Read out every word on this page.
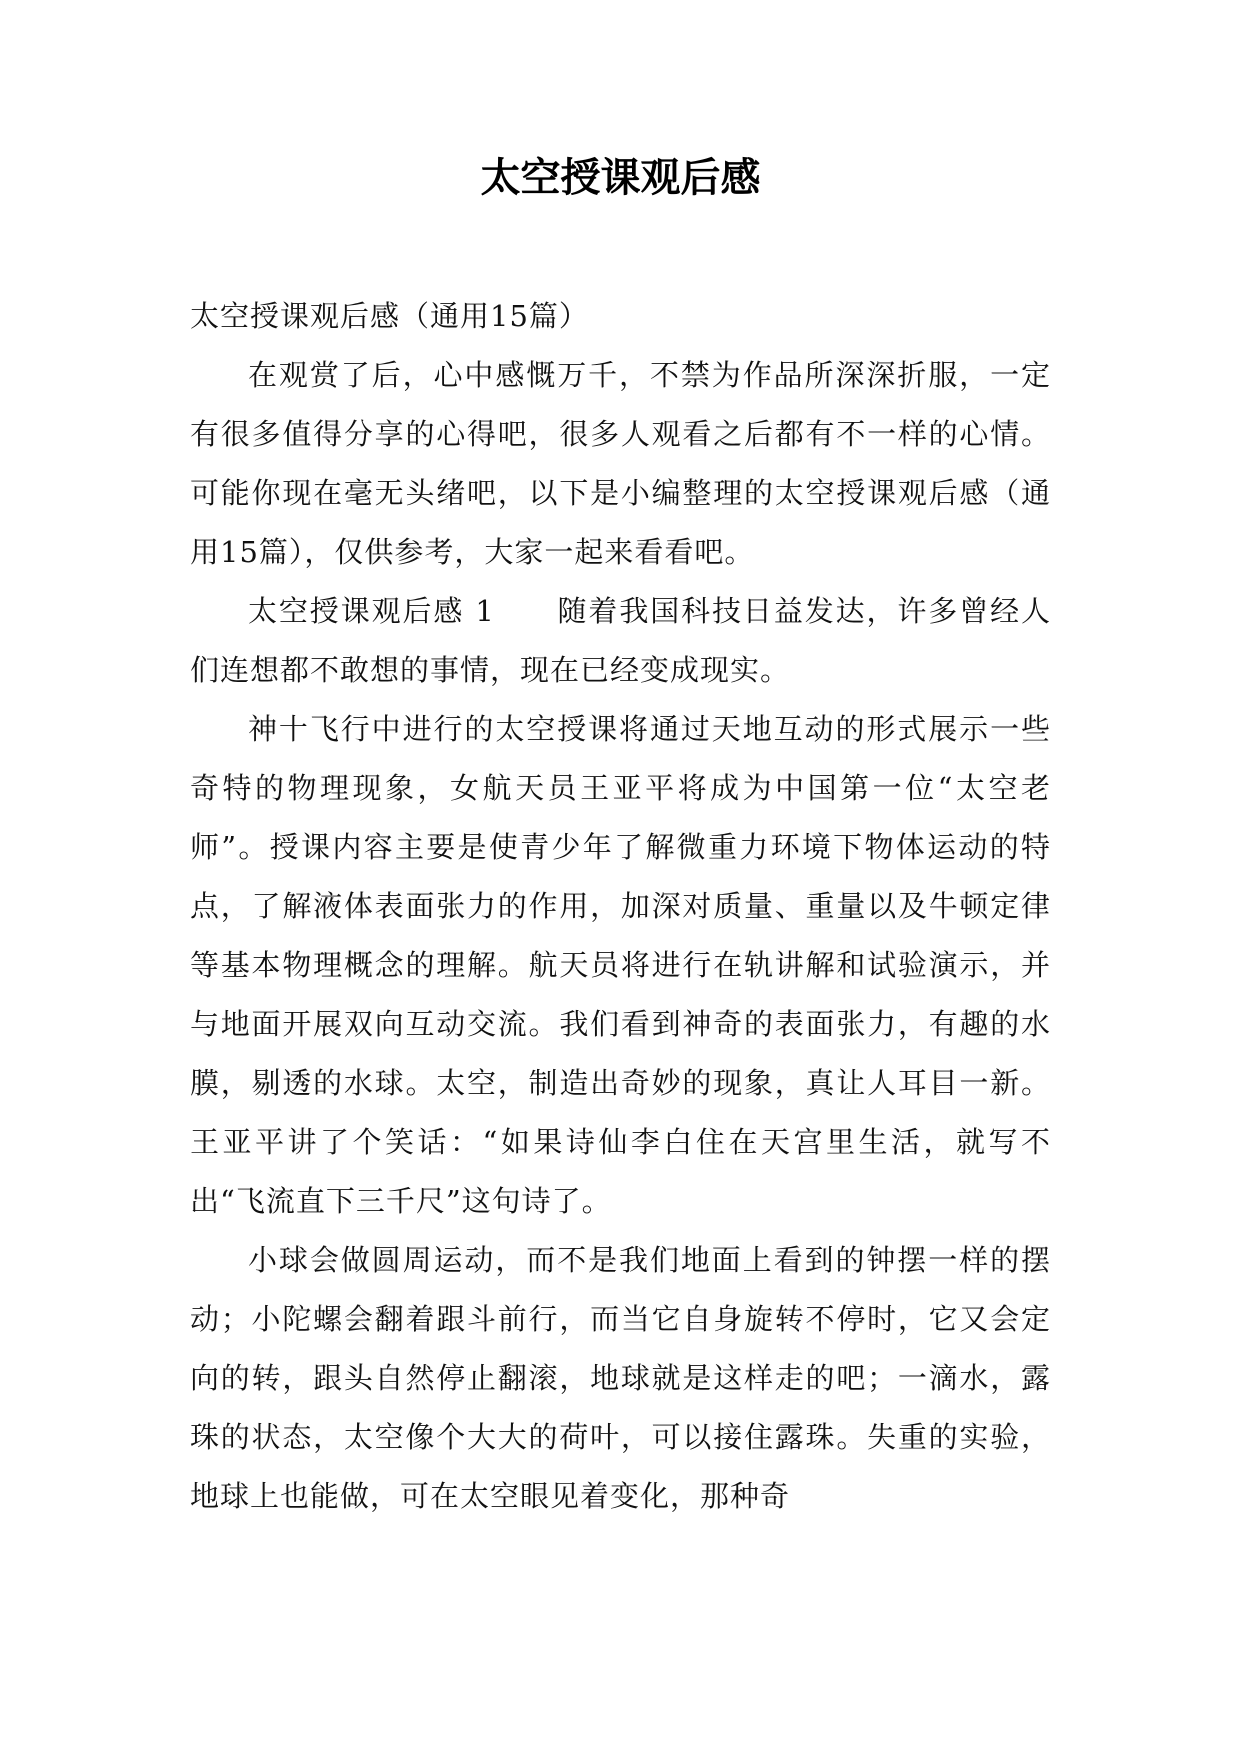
太空授课观后感

太空授课观后感（通用15篇）

在观赏了后，心中感慨万千，不禁为作品所深深折服，一定有很多值得分享的心得吧，很多人观看之后都有不一样的心情。可能你现在毫无头绪吧，以下是小编整理的太空授课观后感（通用15篇），仅供参考，大家一起来看看吧。

太空授课观后感 1　　随着我国科技日益发达，许多曾经人们连想都不敢想的事情，现在已经变成现实。

神十飞行中进行的太空授课将通过天地互动的形式展示一些奇特的物理现象，女航天员王亚平将成为中国第一位“太空老师”。授课内容主要是使青少年了解微重力环境下物体运动的特点，了解液体表面张力的作用，加深对质量、重量以及牛顿定律等基本物理概念的理解。航天员将进行在轨讲解和试验演示，并与地面开展双向互动交流。我们看到神奇的表面张力，有趣的水膜，剔透的水球。太空，制造出奇妙的现象，真让人耳目一新。王亚平讲了个笑话：“如果诗仙李白住在天宫里生活，就写不出“飞流直下三千尺”这句诗了。

小球会做圆周运动，而不是我们地面上看到的钟摆一样的摆动；小陀螺会翻着跟斗前行，而当它自身旋转不停时，它又会定向的转，跟头自然停止翻滚，地球就是这样走的吧；一滴水，露珠的状态，太空像个大大的荷叶，可以接住露珠。失重的实验，地球上也能做，可在太空眼见着变化，那种奇
